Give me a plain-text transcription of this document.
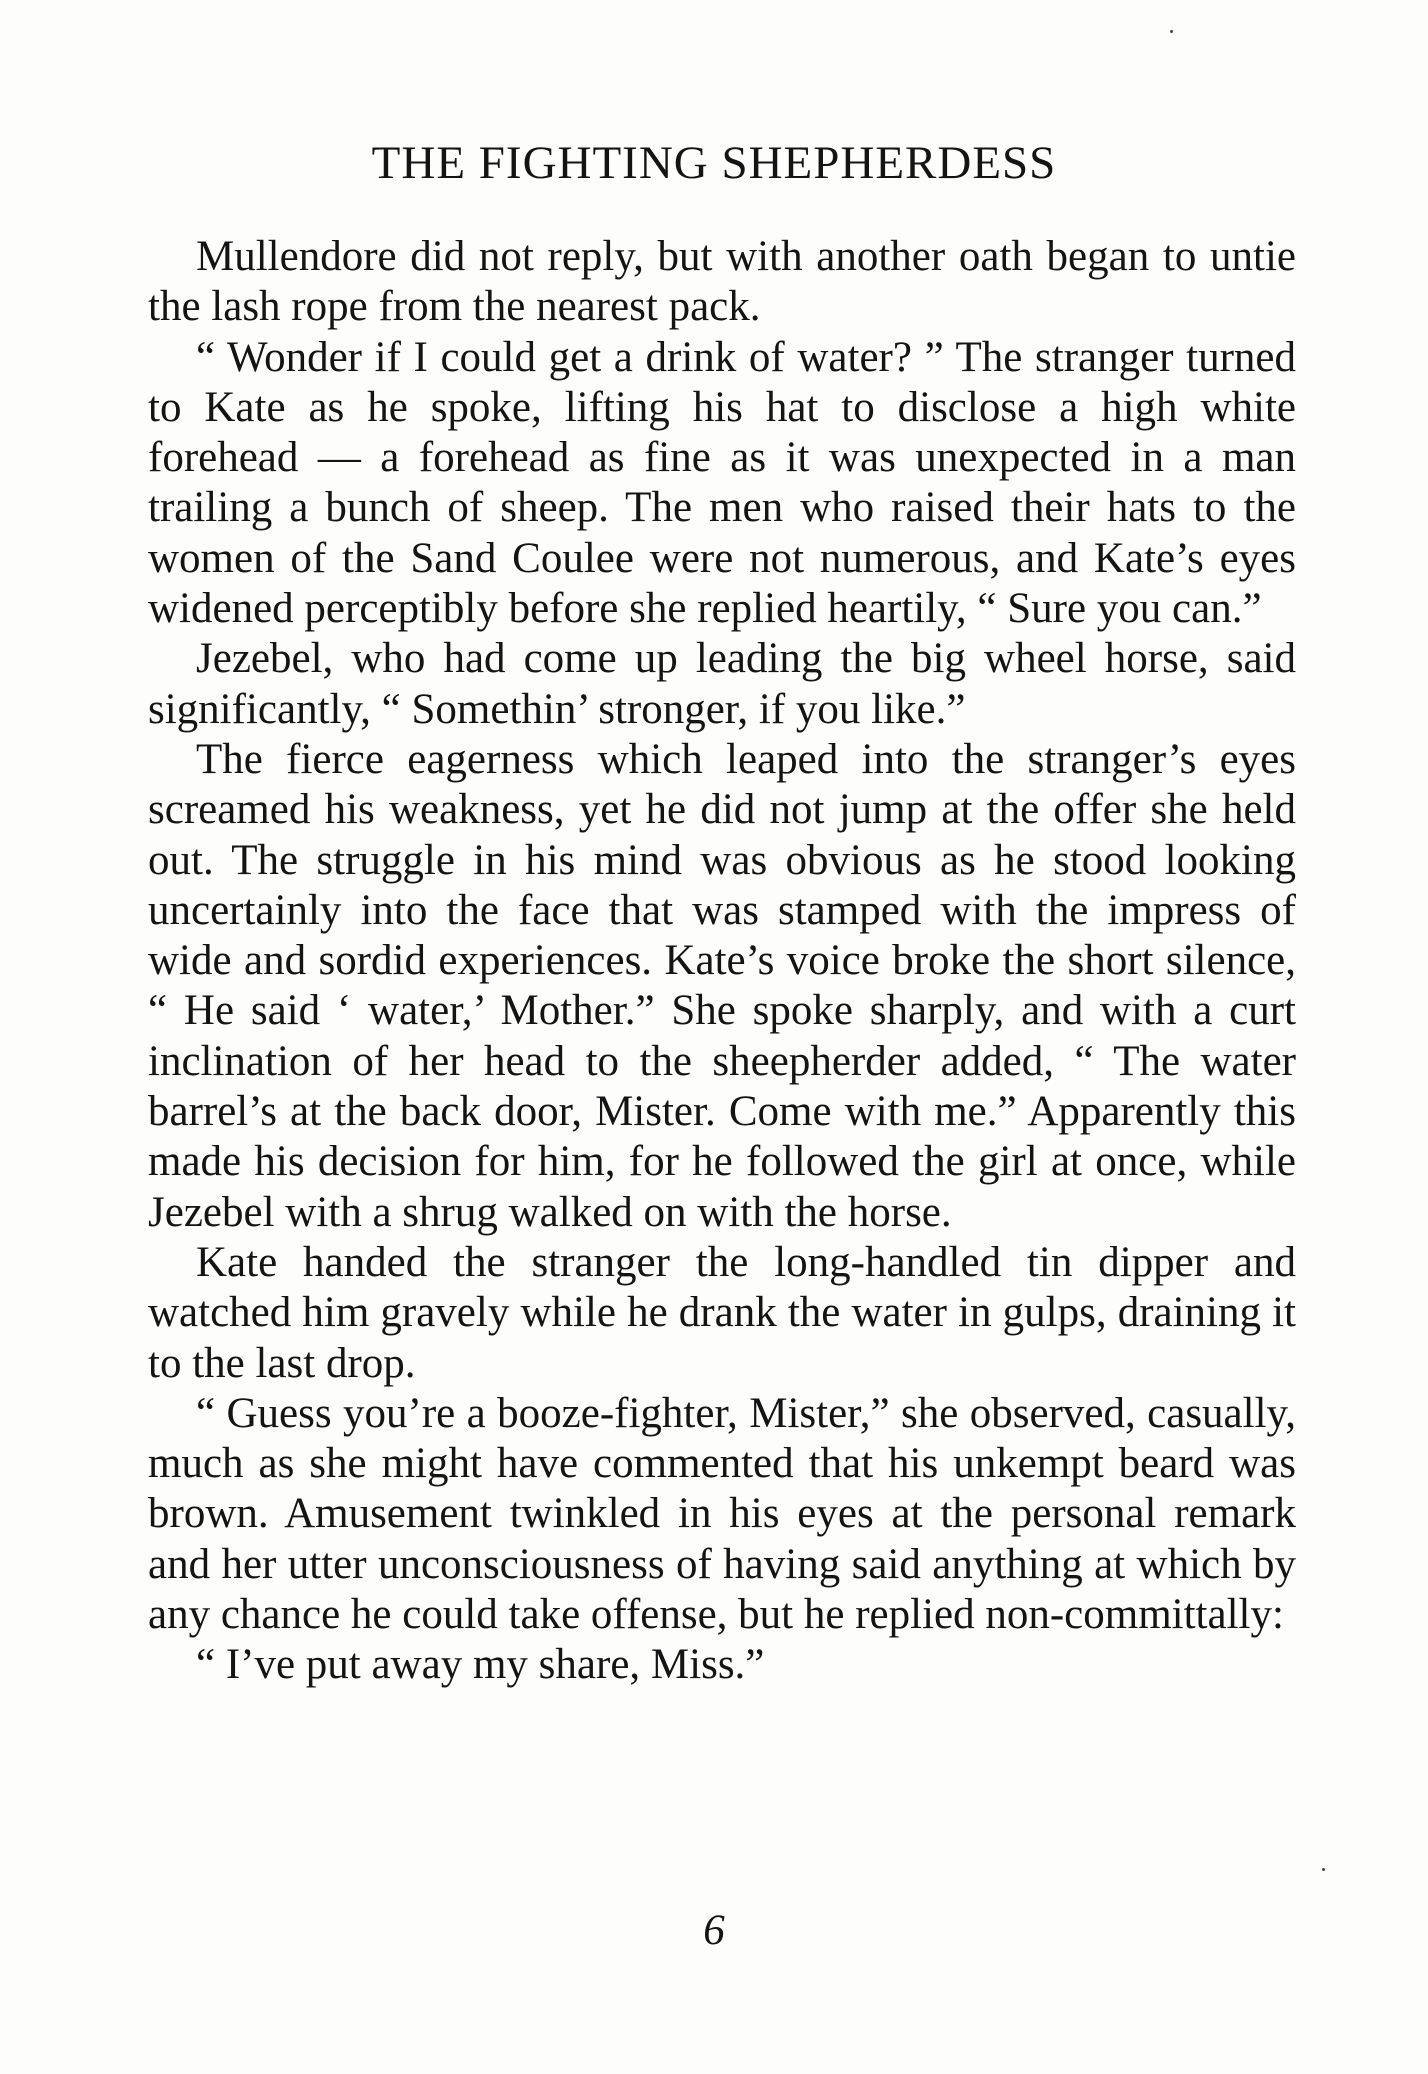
THE FIGHTING SHEPHERDESS

Mullendore did not reply, but with another oath began to untie the lash rope from the nearest pack.

“ Wonder if I could get a drink of water? ” The stranger turned to Kate as he spoke, lifting his hat to disclose a high white forehead — a forehead as fine as it was unexpected in a man trailing a bunch of sheep. The men who raised their hats to the women of the Sand Coulee were not numerous, and Kate’s eyes widened perceptibly before she replied heartily, “ Sure you can.”

Jezebel, who had come up leading the big wheel horse, said significantly, “ Somethin’ stronger, if you like.”

The fierce eagerness which leaped into the stranger’s eyes screamed his weakness, yet he did not jump at the offer she held out. The struggle in his mind was obvious as he stood looking uncertainly into the face that was stamped with the impress of wide and sordid experiences. Kate’s voice broke the short silence, “ He said ‘ water,’ Mother.” She spoke sharply, and with a curt inclination of her head to the sheepherder added, “ The water barrel’s at the back door, Mister. Come with me.” Apparently this made his decision for him, for he followed the girl at once, while Jezebel with a shrug walked on with the horse.

Kate handed the stranger the long-handled tin dipper and watched him gravely while he drank the water in gulps, draining it to the last drop.

“ Guess you’re a booze-fighter, Mister,” she observed, casually, much as she might have commented that his unkempt beard was brown. Amusement twinkled in his eyes at the personal remark and her utter unconsciousness of having said anything at which by any chance he could take offense, but he replied non-committally:

“ I’ve put away my share, Miss.”

6
